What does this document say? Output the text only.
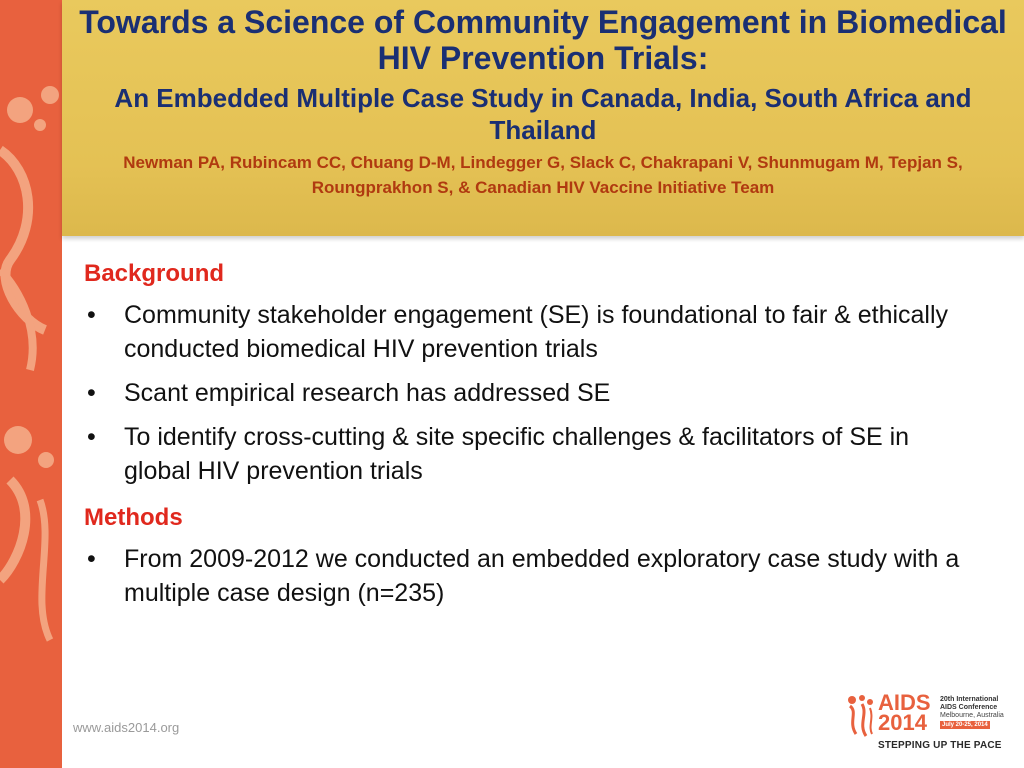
Towards a Science of Community Engagement in Biomedical HIV Prevention Trials:
An Embedded Multiple Case Study in Canada, India, South Africa and Thailand
Newman PA, Rubincam CC, Chuang D-M, Lindegger G, Slack C, Chakrapani V, Shunmugam M, Tepjan S, Roungprakhon S, & Canadian HIV Vaccine Initiative Team
Background
• Community stakeholder engagement (SE) is foundational to fair & ethically conducted biomedical HIV prevention trials
• Scant empirical research has addressed SE
• To identify cross-cutting & site specific challenges & facilitators of SE in global HIV prevention trials
Methods
• From 2009-2012 we conducted an embedded exploratory case study with a multiple case design (n=235)
www.aids2014.org
AIDS
2014
20th International
AIDS Conference
Melbourne, Australia
July 20-25, 2014
STEPPING UP THE PACE
